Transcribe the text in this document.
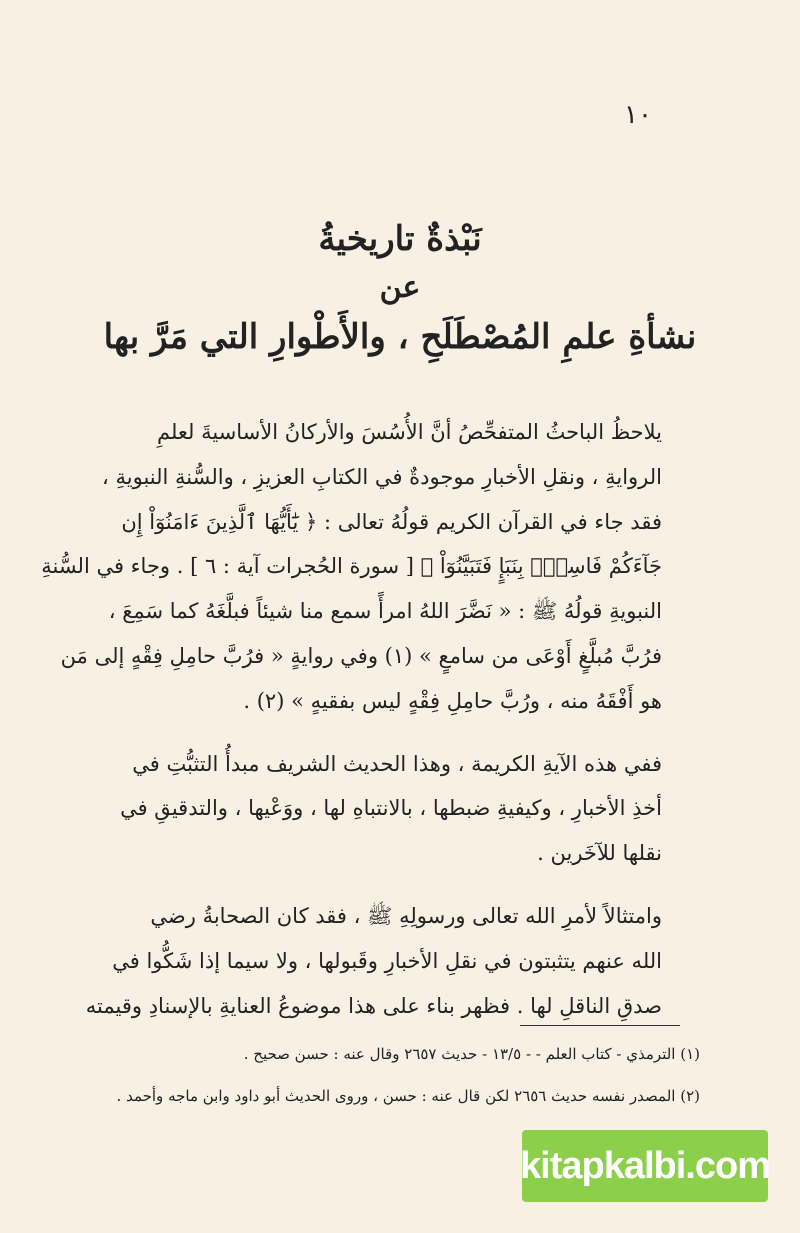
١٠

نَبْذةٌ تاريخيةُ

عن

نشأةِ علمِ المُصْطَلَحِ ، والأَطْوارِ التي مَرَّ بها

يلاحظُ الباحثُ المتفحِّصُ أنَّ الأُسُسَ والأركانُ الأساسيةَ لعلمِ
الروايةِ ، ونقلِ الأخبارِ موجودةٌ في الكتابِ العزيزِ ، والسُّنةِ النبويةِ ،
فقد جاء في القرآن الكريم قولُهُ تعالى : ﴿ يَٰٓأَيُّهَا ٱلَّذِينَ ءَامَنُوٓاْ إِن
جَآءَكُمْ فَاسِقُۢ بِنَبَإٍ فَتَبَيَّنُوٓاْ ﴾ [ سورة الحُجرات آية : ٦ ] . وجاء في السُّنةِ
النبويةِ قولُهُ ﷺ : « نَضَّرَ اللهُ امرأً سمع منا شيئاً فبلَّغَهُ كما سَمِعَ ،
فرُبَّ مُبلَّغٍ أَوْعَى من سامعٍ » (١) وفي روايةٍ « فرُبَّ حامِلِ فِقْهٍ إلى مَن
هو أَفْقَهُ منه ، ورُبَّ حامِلِ فِقْهٍ ليس بفقيهٍ » (٢) .

ففي هذه الآيةِ الكريمة ، وهذا الحديث الشريف مبدأُ التثبُّتِ في
أخذِ الأخبارِ ، وكيفيةِ ضبطها ، بالانتباهِ لها ، ووَعْيها ، والتدقيقِ في
نقلها للآخَرين .

وامتثالاً لأمرِ الله تعالى ورسولِهِ ﷺ ، فقد كان الصحابةُ رضي
الله عنهم يتثبتون في نقلِ الأخبارِ وقَبولها ، ولا سيما إذا شَكُّوا في
صدقِ الناقلِ لها . فظهر بناء على هذا موضوعُ العنايةِ بالإسنادِ وقيمته

(١) الترمذي - كتاب العلم - - ١٣/٥ - حديث ٢٦٥٧ وقال عنه : حسن صحيح .

(٢) المصدر نفسه حديث ٢٦٥٦ لكن قال عنه : حسن ، وروى الحديث أبو داود وابن ماجه وأحمد .

kitapkalbi.com
